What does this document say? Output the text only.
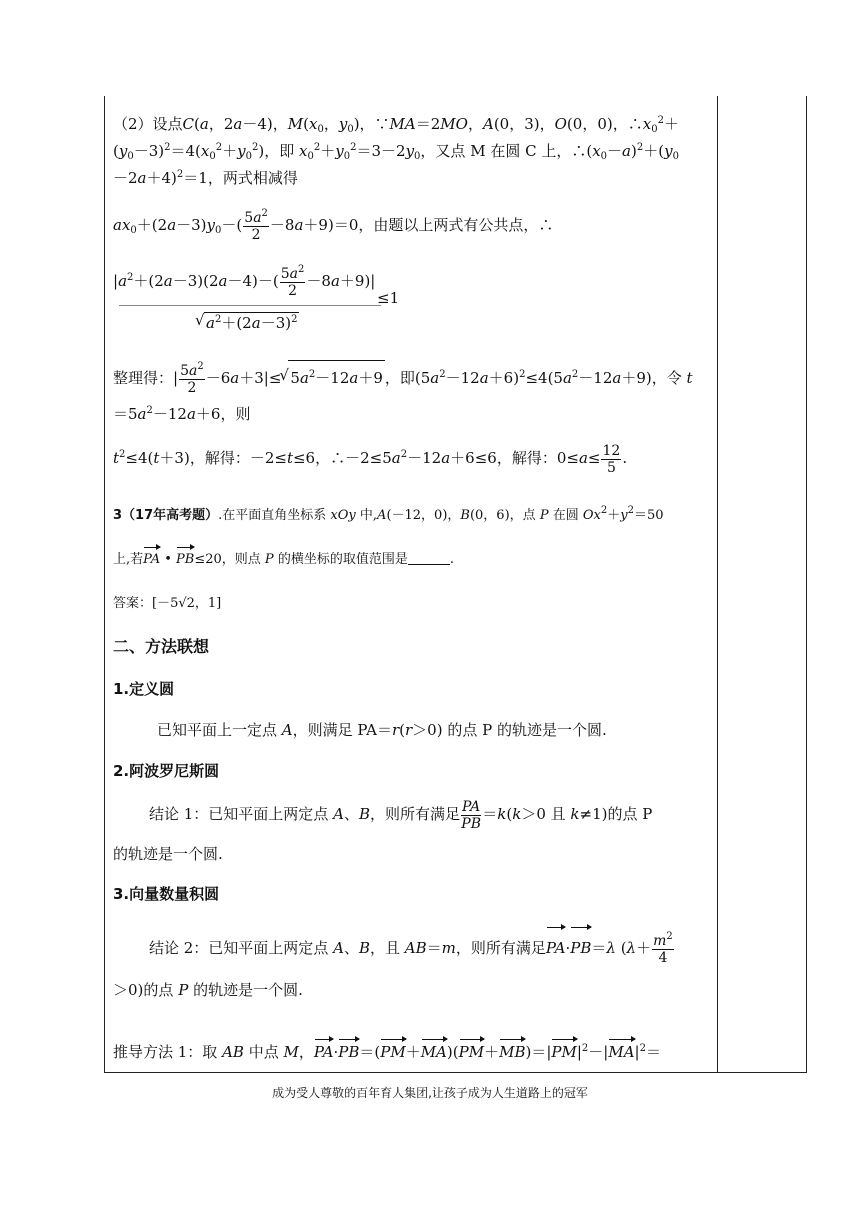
（2）设点C(a，2a－4)，$M(x_0$，$y_0$)，∵MA＝2MO，A(0，3)，O(0，0)，$\therefore x_0^2+$
$(y_0-3)^2=4(x_0^2+y_0^2)$，即 $x_0^2+y_0^2=3-2y_0$，又点 M 在圆 C 上，$\therefore(x_0-a)^2+(y_0$
－2a＋4)$^2$＝1，两式相减得
$ax_0+(2a-3)y_0-( \frac{5a^2}{2} -8a+9)=0$，由题以上两式有公共点，∴
$|a^2+(2a-3)(2a-4)-( \frac{5a^2}{2} -8a+9)|$
≤1
√ $a^2+(2a-3)^2$
整理得：| $\frac{5a^2}{2} -6a+3|\le√$ $5a^2-12a+9$ ，即$(5a^2-12a+6)^2\le 4(5a^2-12a+9)$，令 t
$=5a^2-12a+6$，则
$t^2\le 4(t+3)$，解得：－2≤t≤6，$\therefore-2\le 5a^2-12a+6\le 6$，解得：$0\le a\le \frac{12}{5}$ .
3（17年高考题）.在平面直角坐标系 xOy 中,A(－12，0)，B(0，6)，点 P 在圆 $Ox^2+y^2=50$
上,若PA • PB≤20，则点 P 的横坐标的取值范围是	.
答案：[－5√2，1]
二、方法联想
1.定义圆
已知平面上一定点 A，则满足 PA＝r(r＞0) 的点 P 的轨迹是一个圆.
2.阿波罗尼斯圆
结论 1：已知平面上两定点 A、B，则所有满足 $\frac{PA}{PB} =k(k>0$ 且 k≠1)的点 P
的轨迹是一个圆.
3.向量数量积圆
结论 2：已知平面上两定点 A、B，且 AB＝m，则所有满足PA·PB＝λ ($\lambda+ \frac{m^2}{4}$
＞0)的点 P 的轨迹是一个圆.
推导方法 1：取 AB 中点 M，$PA\cdot PB=(PM+MA)(PM+MB)=|PM|^2-|MA|^2=$
成为受人尊敬的百年育人集团,让孩子成为人生道路上的冠军
